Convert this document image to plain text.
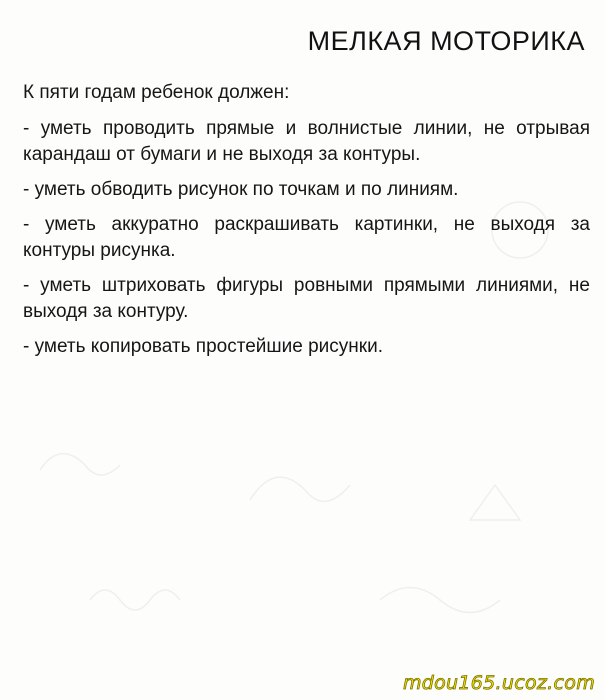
МЕЛКАЯ МОТОРИКА

К пяти годам ребенок должен:

- уметь проводить прямые и волнистые линии, не отрывая карандаш от бумаги и не выходя за контуры.
- уметь обводить рисунок по точкам и по линиям.
- уметь аккуратно раскрашивать картинки, не выходя за контуры рисунка.
- уметь штриховать фигуры ровными прямыми линиями, не выходя за контуру.
- уметь копировать простейшие рисунки.
mdou165.ucoz.com
